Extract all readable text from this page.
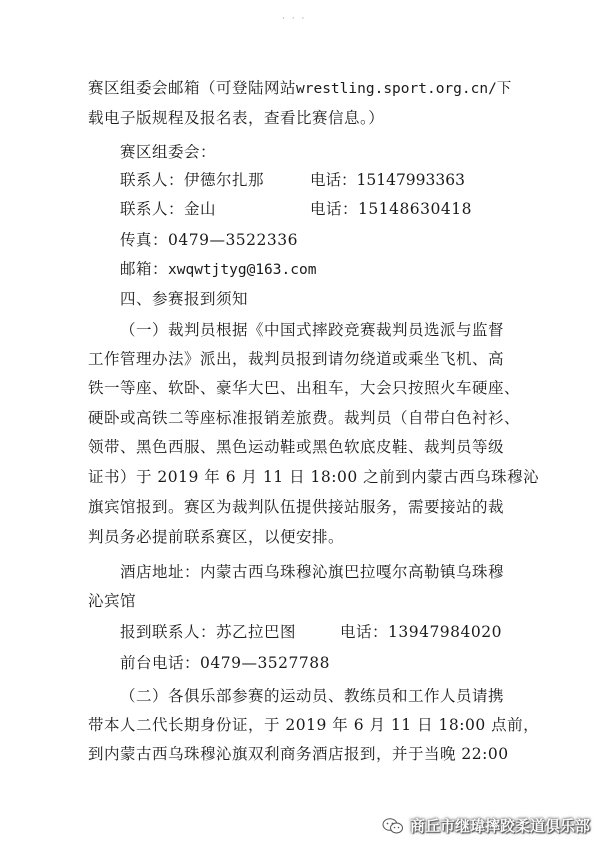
· · ·
赛区组委会邮箱（可登陆网站wrestling.sport.org.cn/下
载电子版规程及报名表，查看比赛信息。）
赛区组委会：
联系人：伊德尔扎那	电话：15147993363
联系人：金山	电话：15148630418
传真：0479—3522336
邮箱：xwqwtjtyg@163.com
四、参赛报到须知
（一）裁判员根据《中国式摔跤竞赛裁判员选派与监督
工作管理办法》派出，裁判员报到请勿绕道或乘坐飞机、高
铁一等座、软卧、豪华大巴、出租车，大会只按照火车硬座、
硬卧或高铁二等座标准报销差旅费。裁判员（自带白色衬衫、
领带、黑色西服、黑色运动鞋或黑色软底皮鞋、裁判员等级
证书）于 2019 年 6 月 11 日 18:00 之前到内蒙古西乌珠穆沁
旗宾馆报到。赛区为裁判队伍提供接站服务，需要接站的裁
判员务必提前联系赛区，以便安排。
酒店地址：内蒙古西乌珠穆沁旗巴拉嘎尔高勒镇乌珠穆
沁宾馆
报到联系人：苏乙拉巴图	电话：13947984020
前台电话：0479—3527788
（二）各俱乐部参赛的运动员、教练员和工作人员请携
带本人二代长期身份证，于 2019 年 6 月 11 日 18:00 点前，
到内蒙古西乌珠穆沁旗双利商务酒店报到，并于当晚 22:00
商丘市继瑋摔跤柔道俱乐部
